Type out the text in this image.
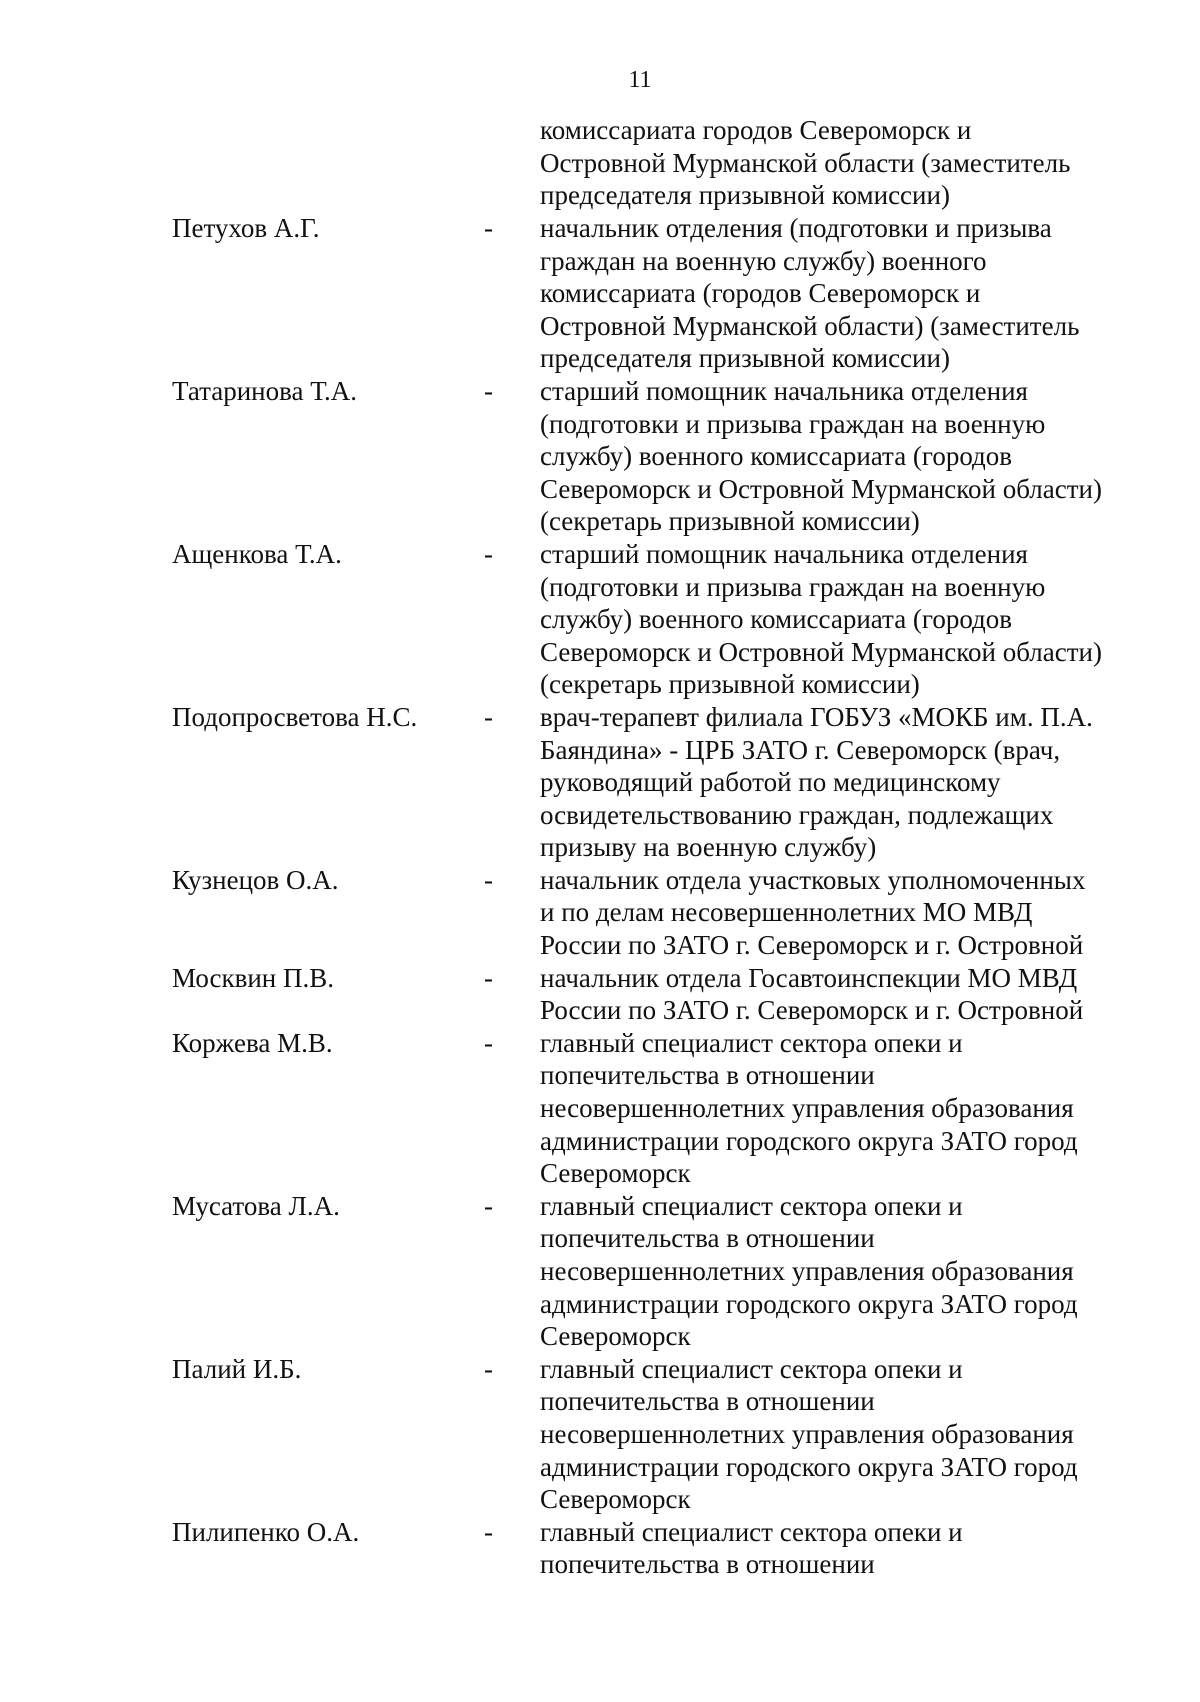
11
комиссариата городов Североморск и
Островной Мурманской области (заместитель
председателя призывной комиссии)
Петухов А.Г.	- начальник отделения (подготовки и призыва
граждан на военную службу) военного
комиссариата (городов Североморск и
Островной Мурманской области) (заместитель
председателя призывной комиссии)
Татаринова Т.А.	- старший помощник начальника отделения
(подготовки и призыва граждан на военную
службу) военного комиссариата (городов
Североморск и Островной Мурманской области)
(секретарь призывной комиссии)
Ащенкова Т.А.	- старший помощник начальника отделения
(подготовки и призыва граждан на военную
службу) военного комиссариата (городов
Североморск и Островной Мурманской области)
(секретарь призывной комиссии)
Подопросветова Н.С. - врач-терапевт филиала ГОБУЗ «МОКБ им. П.А.
Баяндина» - ЦРБ ЗАТО г. Североморск (врач,
руководящий работой по медицинскому
освидетельствованию граждан, подлежащих
призыву на военную службу)
Кузнецов О.А.	- начальник отдела участковых уполномоченных
и по делам несовершеннолетних МО МВД
России по ЗАТО г. Североморск и г. Островной
Москвин П.В.	- начальник отдела Госавтоинспекции МО МВД
России по ЗАТО г. Североморск и г. Островной
Коржева М.В.	- главный специалист сектора опеки и
попечительства в отношении
несовершеннолетних управления образования
администрации городского округа ЗАТО город
Североморск
Мусатова Л.А.	- главный специалист сектора опеки и
попечительства в отношении
несовершеннолетних управления образования
администрации городского округа ЗАТО город
Североморск
Палий И.Б.	- главный специалист сектора опеки и
попечительства в отношении
несовершеннолетних управления образования
администрации городского округа ЗАТО город
Североморск
Пилипенко О.А.	- главный специалист сектора опеки и
попечительства в отношении
